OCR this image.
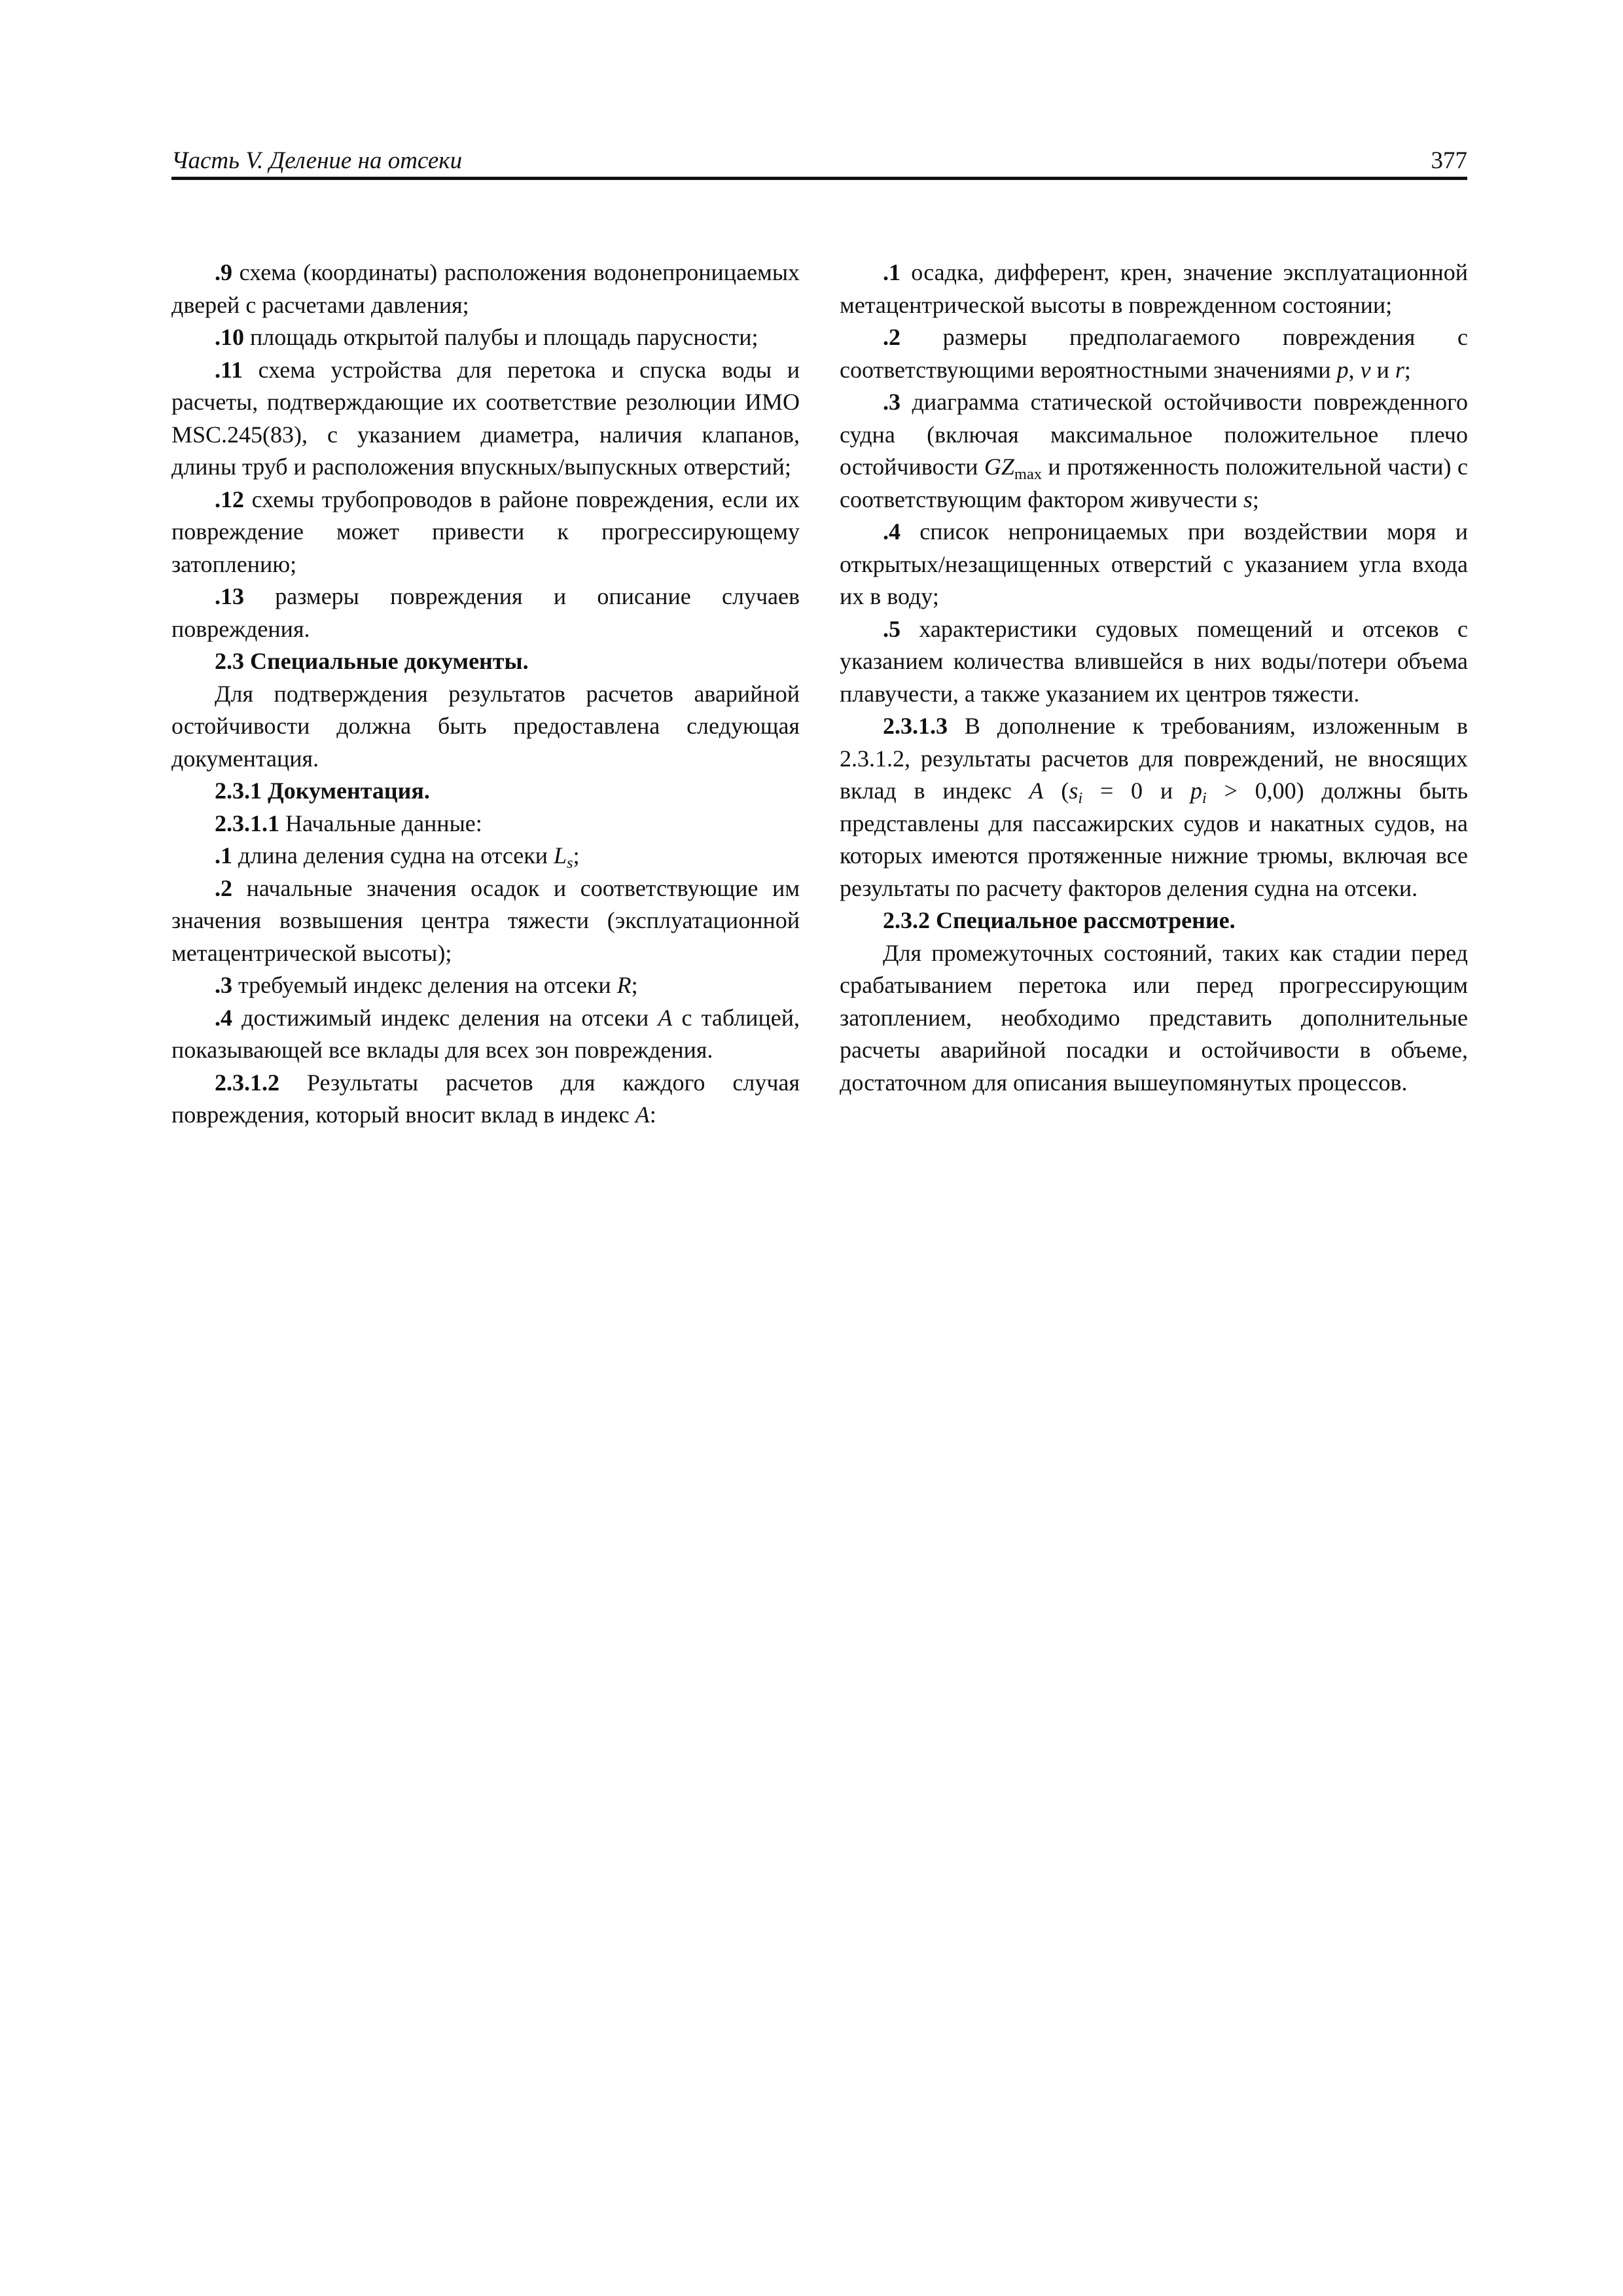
Часть V. Деление на отсеки	377

.9 схема (координаты) расположения водонепроницаемых дверей с расчетами давления;

.10 площадь открытой палубы и площадь парусности;

.11 схема устройства для перетока и спуска воды и расчеты, подтверждающие их соответствие резолюции ИМО MSC.245(83), с указанием диаметра, наличия клапанов, длины труб и расположения впускных/выпускных отверстий;

.12 схемы трубопроводов в районе повреждения, если их повреждение может привести к прогрессирующему затоплению;

.13 размеры повреждения и описание случаев повреждения.

2.3 Специальные документы.

Для подтверждения результатов расчетов аварийной остойчивости должна быть предоставлена следующая документация.

2.3.1 Документация.

2.3.1.1 Начальные данные:

.1 длина деления судна на отсеки $L_s$;

.2 начальные значения осадок и соответствующие им значения возвышения центра тяжести (эксплуатационной метацентрической высоты);

.3 требуемый индекс деления на отсеки R;

.4 достижимый индекс деления на отсеки A с таблицей, показывающей все вклады для всех зон повреждения.

2.3.1.2 Результаты расчетов для каждого случая повреждения, который вносит вклад в индекс A:

.1 осадка, дифферент, крен, значение эксплуатационной метацентрической высоты в поврежденном состоянии;

.2 размеры предполагаемого повреждения с соответствующими вероятностными значениями p, v и r;

.3 диаграмма статической остойчивости поврежденного судна (включая максимальное положительное плечо остойчивости $GZ_{max}$ и протяженность положительной части) с соответствующим фактором живучести s;

.4 список непроницаемых при воздействии моря и открытых/незащищенных отверстий с указанием угла входа их в воду;

.5 характеристики судовых помещений и отсеков с указанием количества влившейся в них воды/потери объема плавучести, а также указанием их центров тяжести.

2.3.1.3 В дополнение к требованиям, изложенным в 2.3.1.2, результаты расчетов для повреждений, не вносящих вклад в индекс A ($s_i = 0$ и $p_i > 0,00$) должны быть представлены для пассажирских судов и накатных судов, на которых имеются протяженные нижние трюмы, включая все результаты по расчету факторов деления судна на отсеки.

2.3.2 Специальное рассмотрение.

Для промежуточных состояний, таких как стадии перед срабатыванием перетока или перед прогрессирующим затоплением, необходимо представить дополнительные расчеты аварийной посадки и остойчивости в объеме, достаточном для описания вышеупомянутых процессов.
